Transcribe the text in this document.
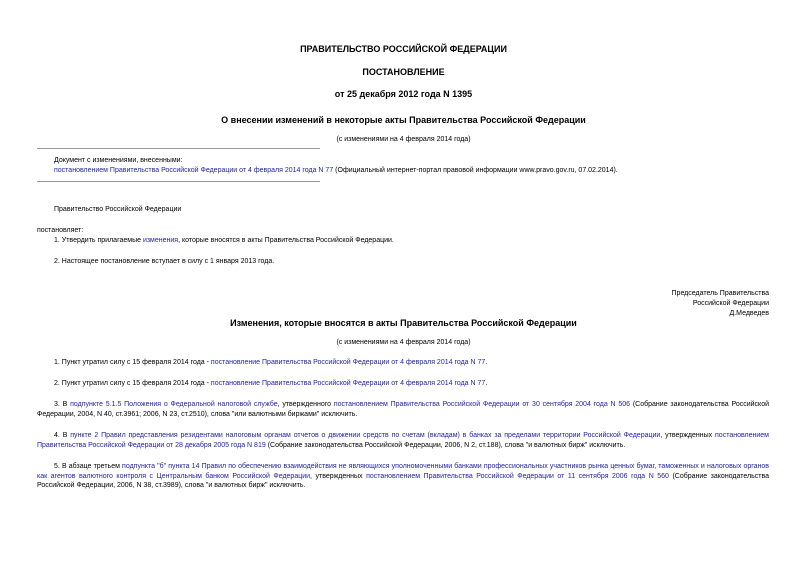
ПРАВИТЕЛЬСТВО РОССИЙСКОЙ ФЕДЕРАЦИИ
ПОСТАНОВЛЕНИЕ
от 25 декабря 2012 года N 1395
О внесении изменений в некоторые акты Правительства Российской Федерации
(с изменениями на 4 февраля 2014 года)
Документ с изменениями, внесенными:
постановлением Правительства Российской Федерации от 4 февраля 2014 года N 77 (Официальный интернет-портал правовой информации www.pravo.gov.ru, 07.02.2014).
Правительство Российской Федерации
постановляет:
1. Утвердить прилагаемые изменения, которые вносятся в акты Правительства Российской Федерации.
2. Настоящее постановление вступает в силу с 1 января 2013 года.
Председатель Правительства
Российской Федерации
Д.Медведев
Изменения, которые вносятся в акты Правительства Российской Федерации
(с изменениями на 4 февраля 2014 года)
1. Пункт утратил силу с 15 февраля 2014 года - постановление Правительства Российской Федерации от 4 февраля 2014 года N 77.
2. Пункт утратил силу с 15 февраля 2014 года - постановление Правительства Российской Федерации от 4 февраля 2014 года N 77.
3. В подпункте 5.1.5 Положения о Федеральной налоговой службе, утвержденного постановлением Правительства Российской Федерации от 30 сентября 2004 года N 506 (Собрание законодательства Российской Федерации, 2004, N 40, ст.3961; 2006, N 23, ст.2510), слова "или валютными биржами" исключить.
4. В пункте 2 Правил представления резидентами налоговым органам отчетов о движении средств по счетам (вкладам) в банках за пределами территории Российской Федерации, утвержденных постановлением Правительства Российской Федерации от 28 декабря 2005 года N 819 (Собрание законодательства Российской Федерации, 2006, N 2, ст.188), слова "и валютных бирж" исключить.
5. В абзаце третьем подпункта "б" пункта 14 Правил по обеспечению взаимодействия не являющихся уполномоченными банками профессиональных участников рынка ценных бумаг, таможенных и налоговых органов как агентов валютного контроля с Центральным банком Российской Федерации, утвержденных постановлением Правительства Российской Федерации от 11 сентября 2006 года N 560 (Собрание законодательства Российской Федерации, 2006, N 38, ст.3989), слова "и валютных бирж" исключить.
